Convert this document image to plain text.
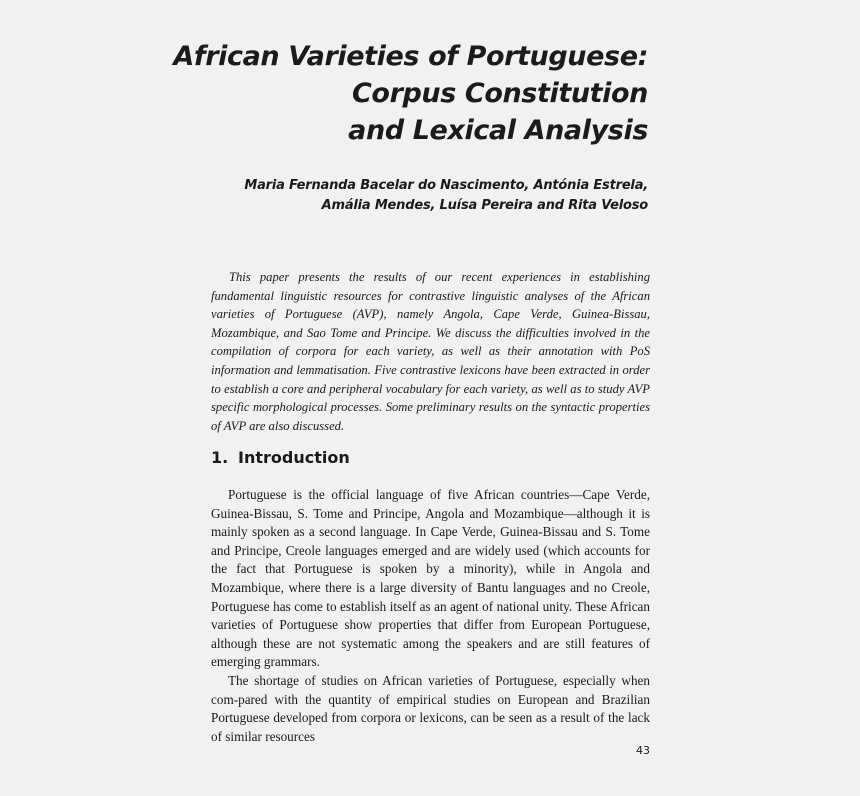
African Varieties of Portuguese:
Corpus Constitution
and Lexical Analysis
Maria Fernanda Bacelar do Nascimento, Antónia Estrela,
Amália Mendes, Luísa Pereira and Rita Veloso

This paper presents the results of our recent experiences in establishing fundamental linguistic resources for contrastive linguistic analyses of the African varieties of Portuguese (AVP), namely Angola, Cape Verde, Guinea-Bissau, Mozambique, and Sao Tome and Principe. We discuss the difficulties involved in the compilation of corpora for each variety, as well as their annotation with PoS information and lemmatisation. Five contrastive lexicons have been extracted in order to establish a core and peripheral vocabulary for each variety, as well as to study AVP specific morphological processes. Some preliminary results on the syntactic properties of AVP are also discussed.

1. Introduction

Portuguese is the official language of five African countries—Cape Verde, Guinea-Bissau, S. Tome and Principe, Angola and Mozambique—although it is mainly spoken as a second language. In Cape Verde, Guinea-Bissau and S. Tome and Principe, Creole languages emerged and are widely used (which accounts for the fact that Portuguese is spoken by a minority), while in Angola and Mozambique, where there is a large diversity of Bantu languages and no Creole, Portuguese has come to establish itself as an agent of national unity. These African varieties of Portuguese show properties that differ from European Portuguese, although these are not systematic among the speakers and are still features of emerging grammars.

The shortage of studies on African varieties of Portuguese, especially when com-pared with the quantity of empirical studies on European and Brazilian Portuguese developed from corpora or lexicons, can be seen as a result of the lack of similar resources

43
